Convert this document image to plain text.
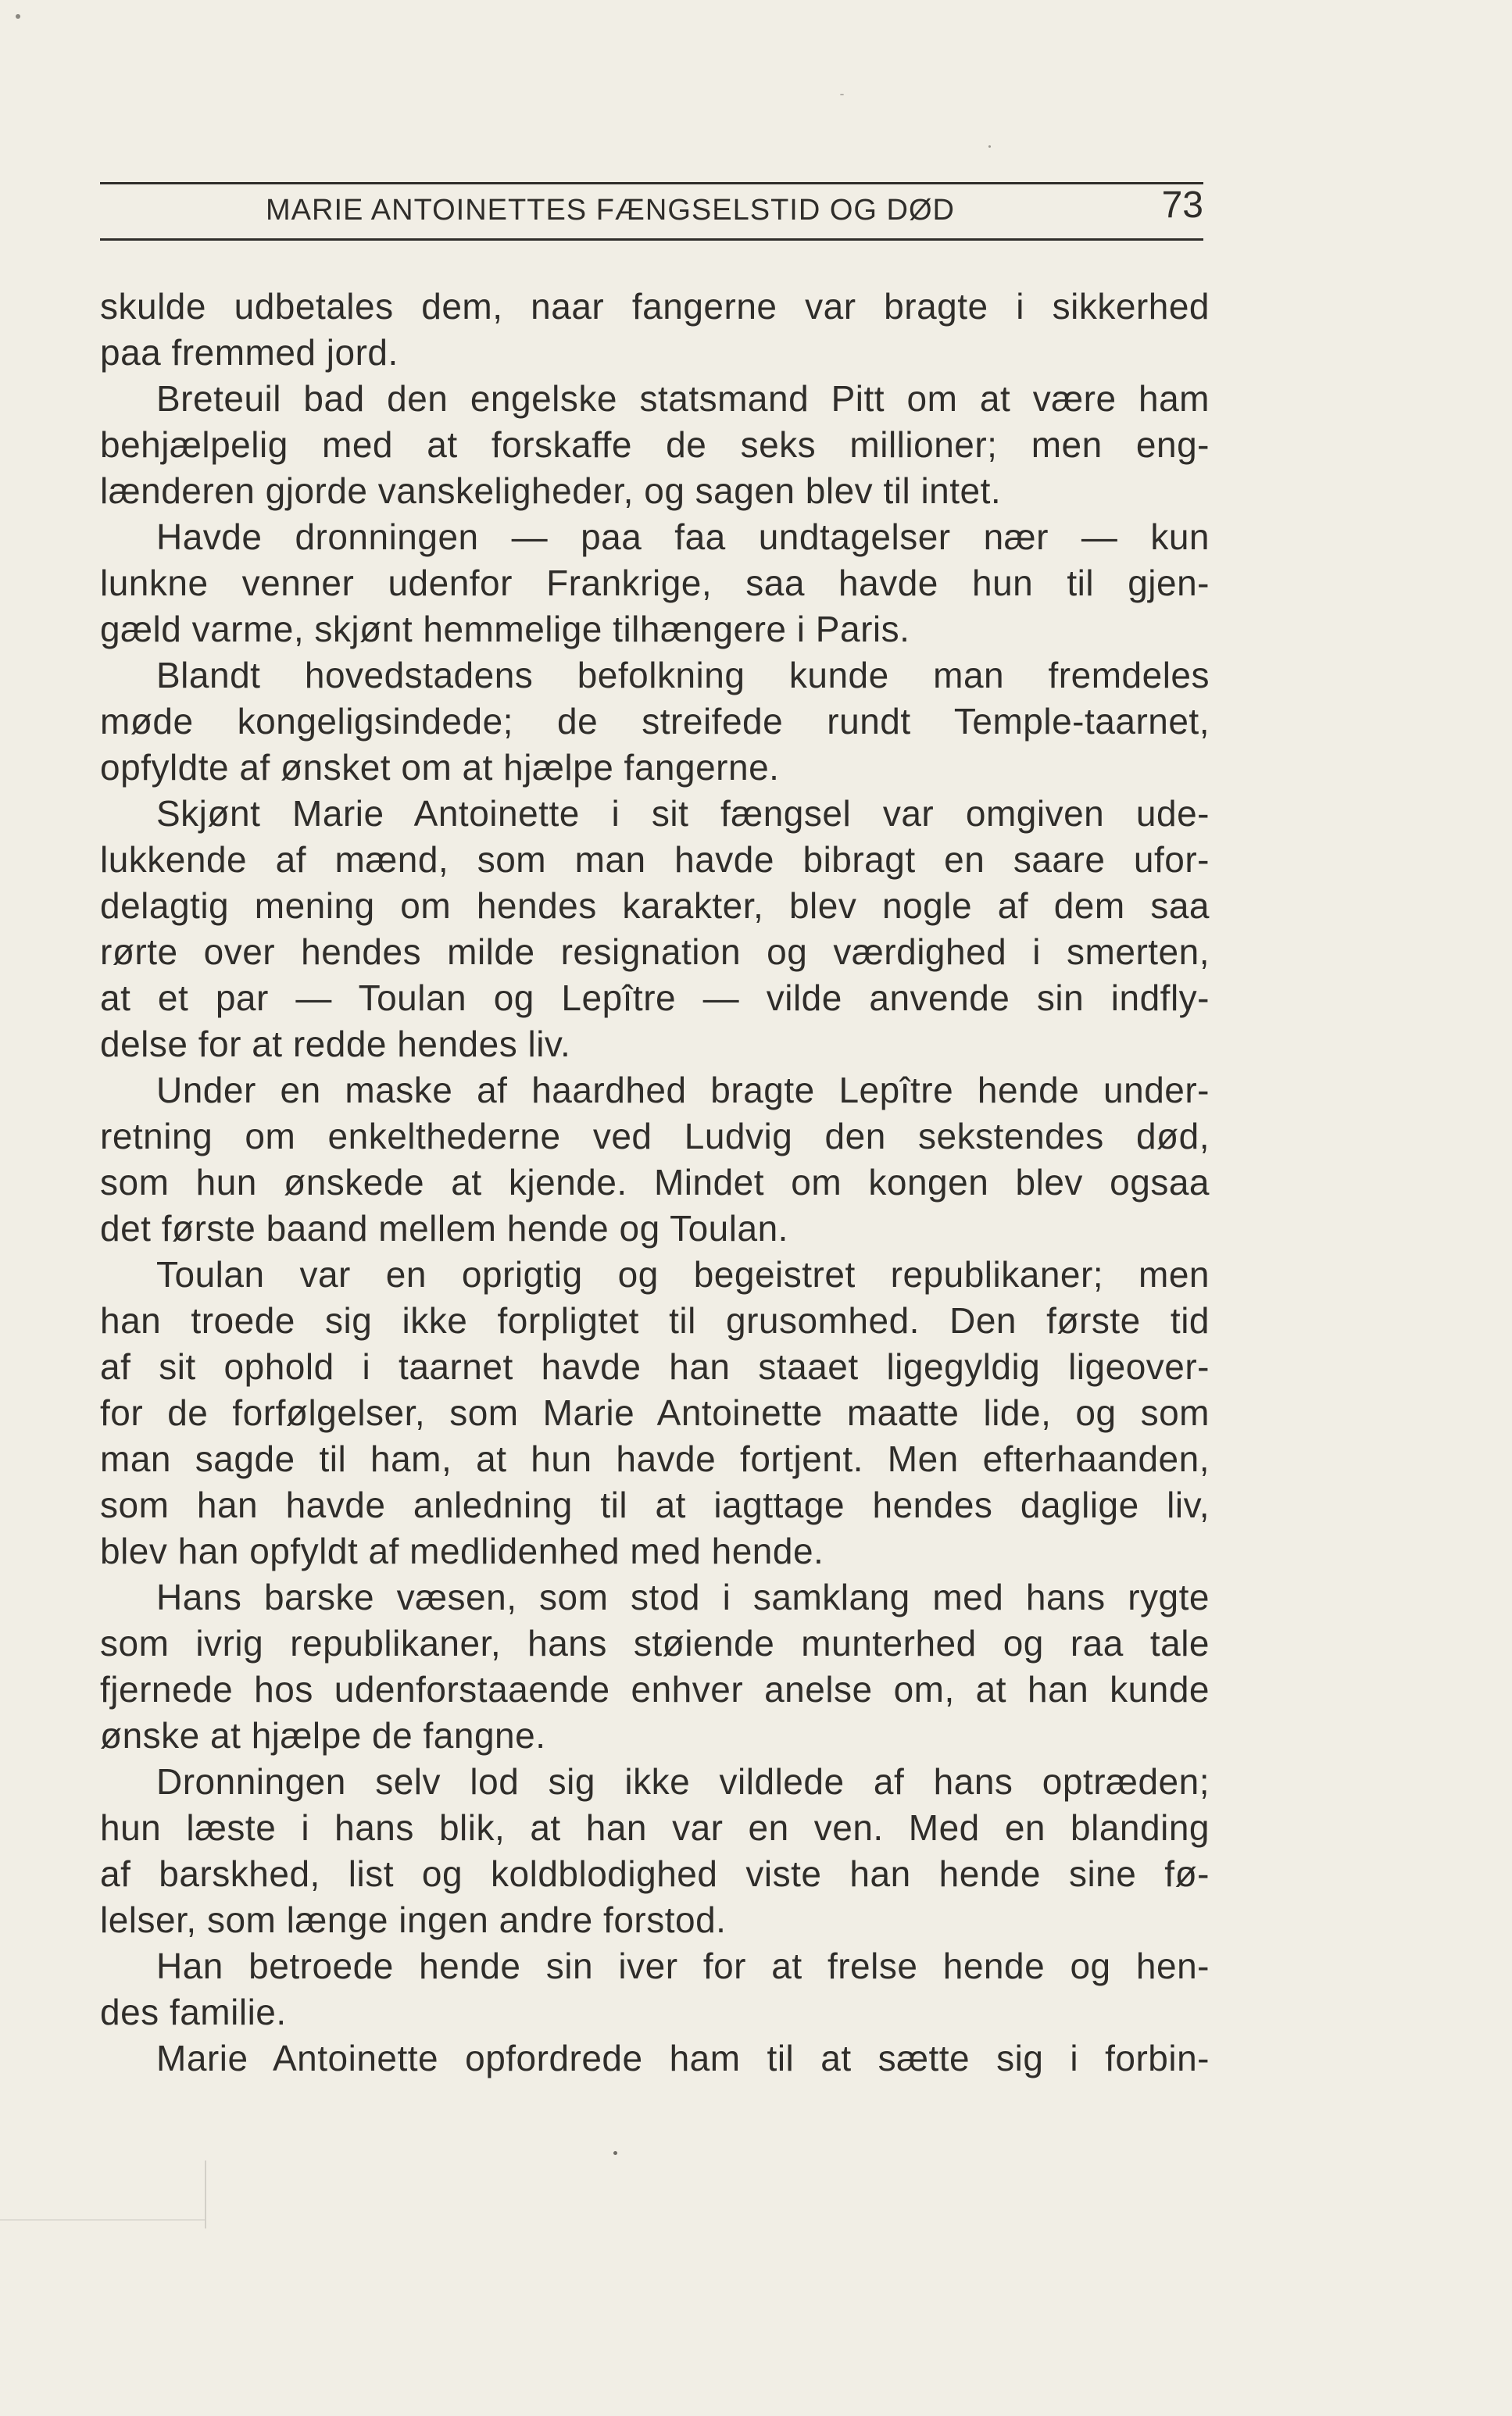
MARIE ANTOINETTES FÆNGSELSTID OG DØD	73
skulde udbetales dem, naar fangerne var bragte i sikkerhed
paa fremmed jord.
Breteuil bad den engelske statsmand Pitt om at være ham
behjælpelig med at forskaffe de seks millioner; men eng-
lænderen gjorde vanskeligheder, og sagen blev til intet.
Havde dronningen — paa faa undtagelser nær — kun
lunkne venner udenfor Frankrige, saa havde hun til gjen-
gæld varme, skjønt hemmelige tilhængere i Paris.
Blandt hovedstadens befolkning kunde man fremdeles
møde kongeligsindede; de streifede rundt Temple-taarnet,
opfyldte af ønsket om at hjælpe fangerne.
Skjønt Marie Antoinette i sit fængsel var omgiven ude-
lukkende af mænd, som man havde bibragt en saare ufor-
delagtig mening om hendes karakter, blev nogle af dem saa
rørte over hendes milde resignation og værdighed i smerten,
at et par — Toulan og Lepître — vilde anvende sin indfly-
delse for at redde hendes liv.
Under en maske af haardhed bragte Lepître hende under-
retning om enkelthederne ved Ludvig den sekstendes død,
som hun ønskede at kjende. Mindet om kongen blev ogsaa
det første baand mellem hende og Toulan.
Toulan var en oprigtig og begeistret republikaner; men
han troede sig ikke forpligtet til grusomhed. Den første tid
af sit ophold i taarnet havde han staaet ligegyldig ligeover-
for de forfølgelser, som Marie Antoinette maatte lide, og som
man sagde til ham, at hun havde fortjent. Men efterhaanden,
som han havde anledning til at iagttage hendes daglige liv,
blev han opfyldt af medlidenhed med hende.
Hans barske væsen, som stod i samklang med hans rygte
som ivrig republikaner, hans støiende munterhed og raa tale
fjernede hos udenforstaaende enhver anelse om, at han kunde
ønske at hjælpe de fangne.
Dronningen selv lod sig ikke vildlede af hans optræden;
hun læste i hans blik, at han var en ven. Med en blanding
af barskhed, list og koldblodighed viste han hende sine fø-
lelser, som længe ingen andre forstod.
Han betroede hende sin iver for at frelse hende og hen-
des familie.
Marie Antoinette opfordrede ham til at sætte sig i forbin-
